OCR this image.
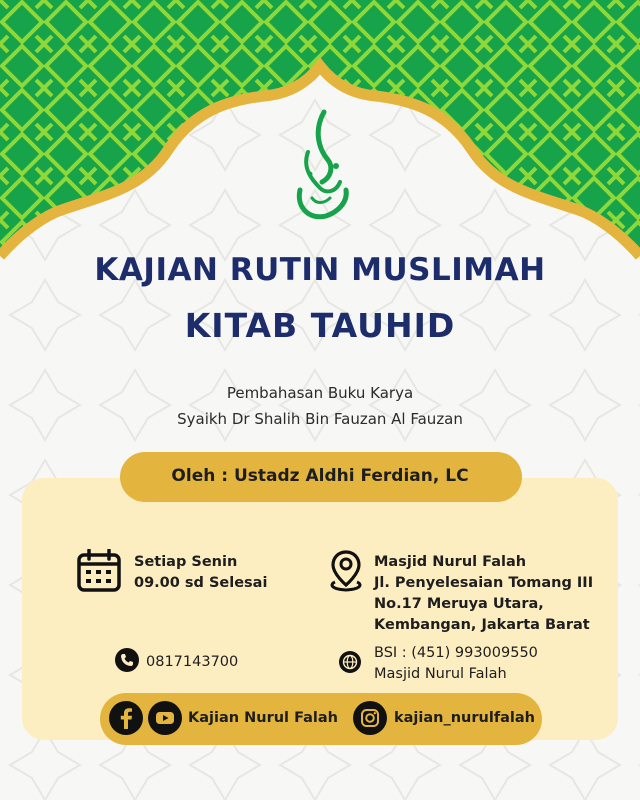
KAJIAN RUTIN MUSLIMAH
KITAB TAUHID
Pembahasan Buku Karya
Syaikh Dr Shalih Bin Fauzan Al Fauzan
Oleh : Ustadz Aldhi Ferdian, LC
Setiap Senin
09.00 sd Selesai
Masjid Nurul Falah
Jl. Penyelesaian Tomang III
No.17 Meruya Utara,
Kembangan, Jakarta Barat
0817143700
BSI : (451) 993009550
Masjid Nurul Falah
Kajian Nurul Falah	kajian_nurulfalah
